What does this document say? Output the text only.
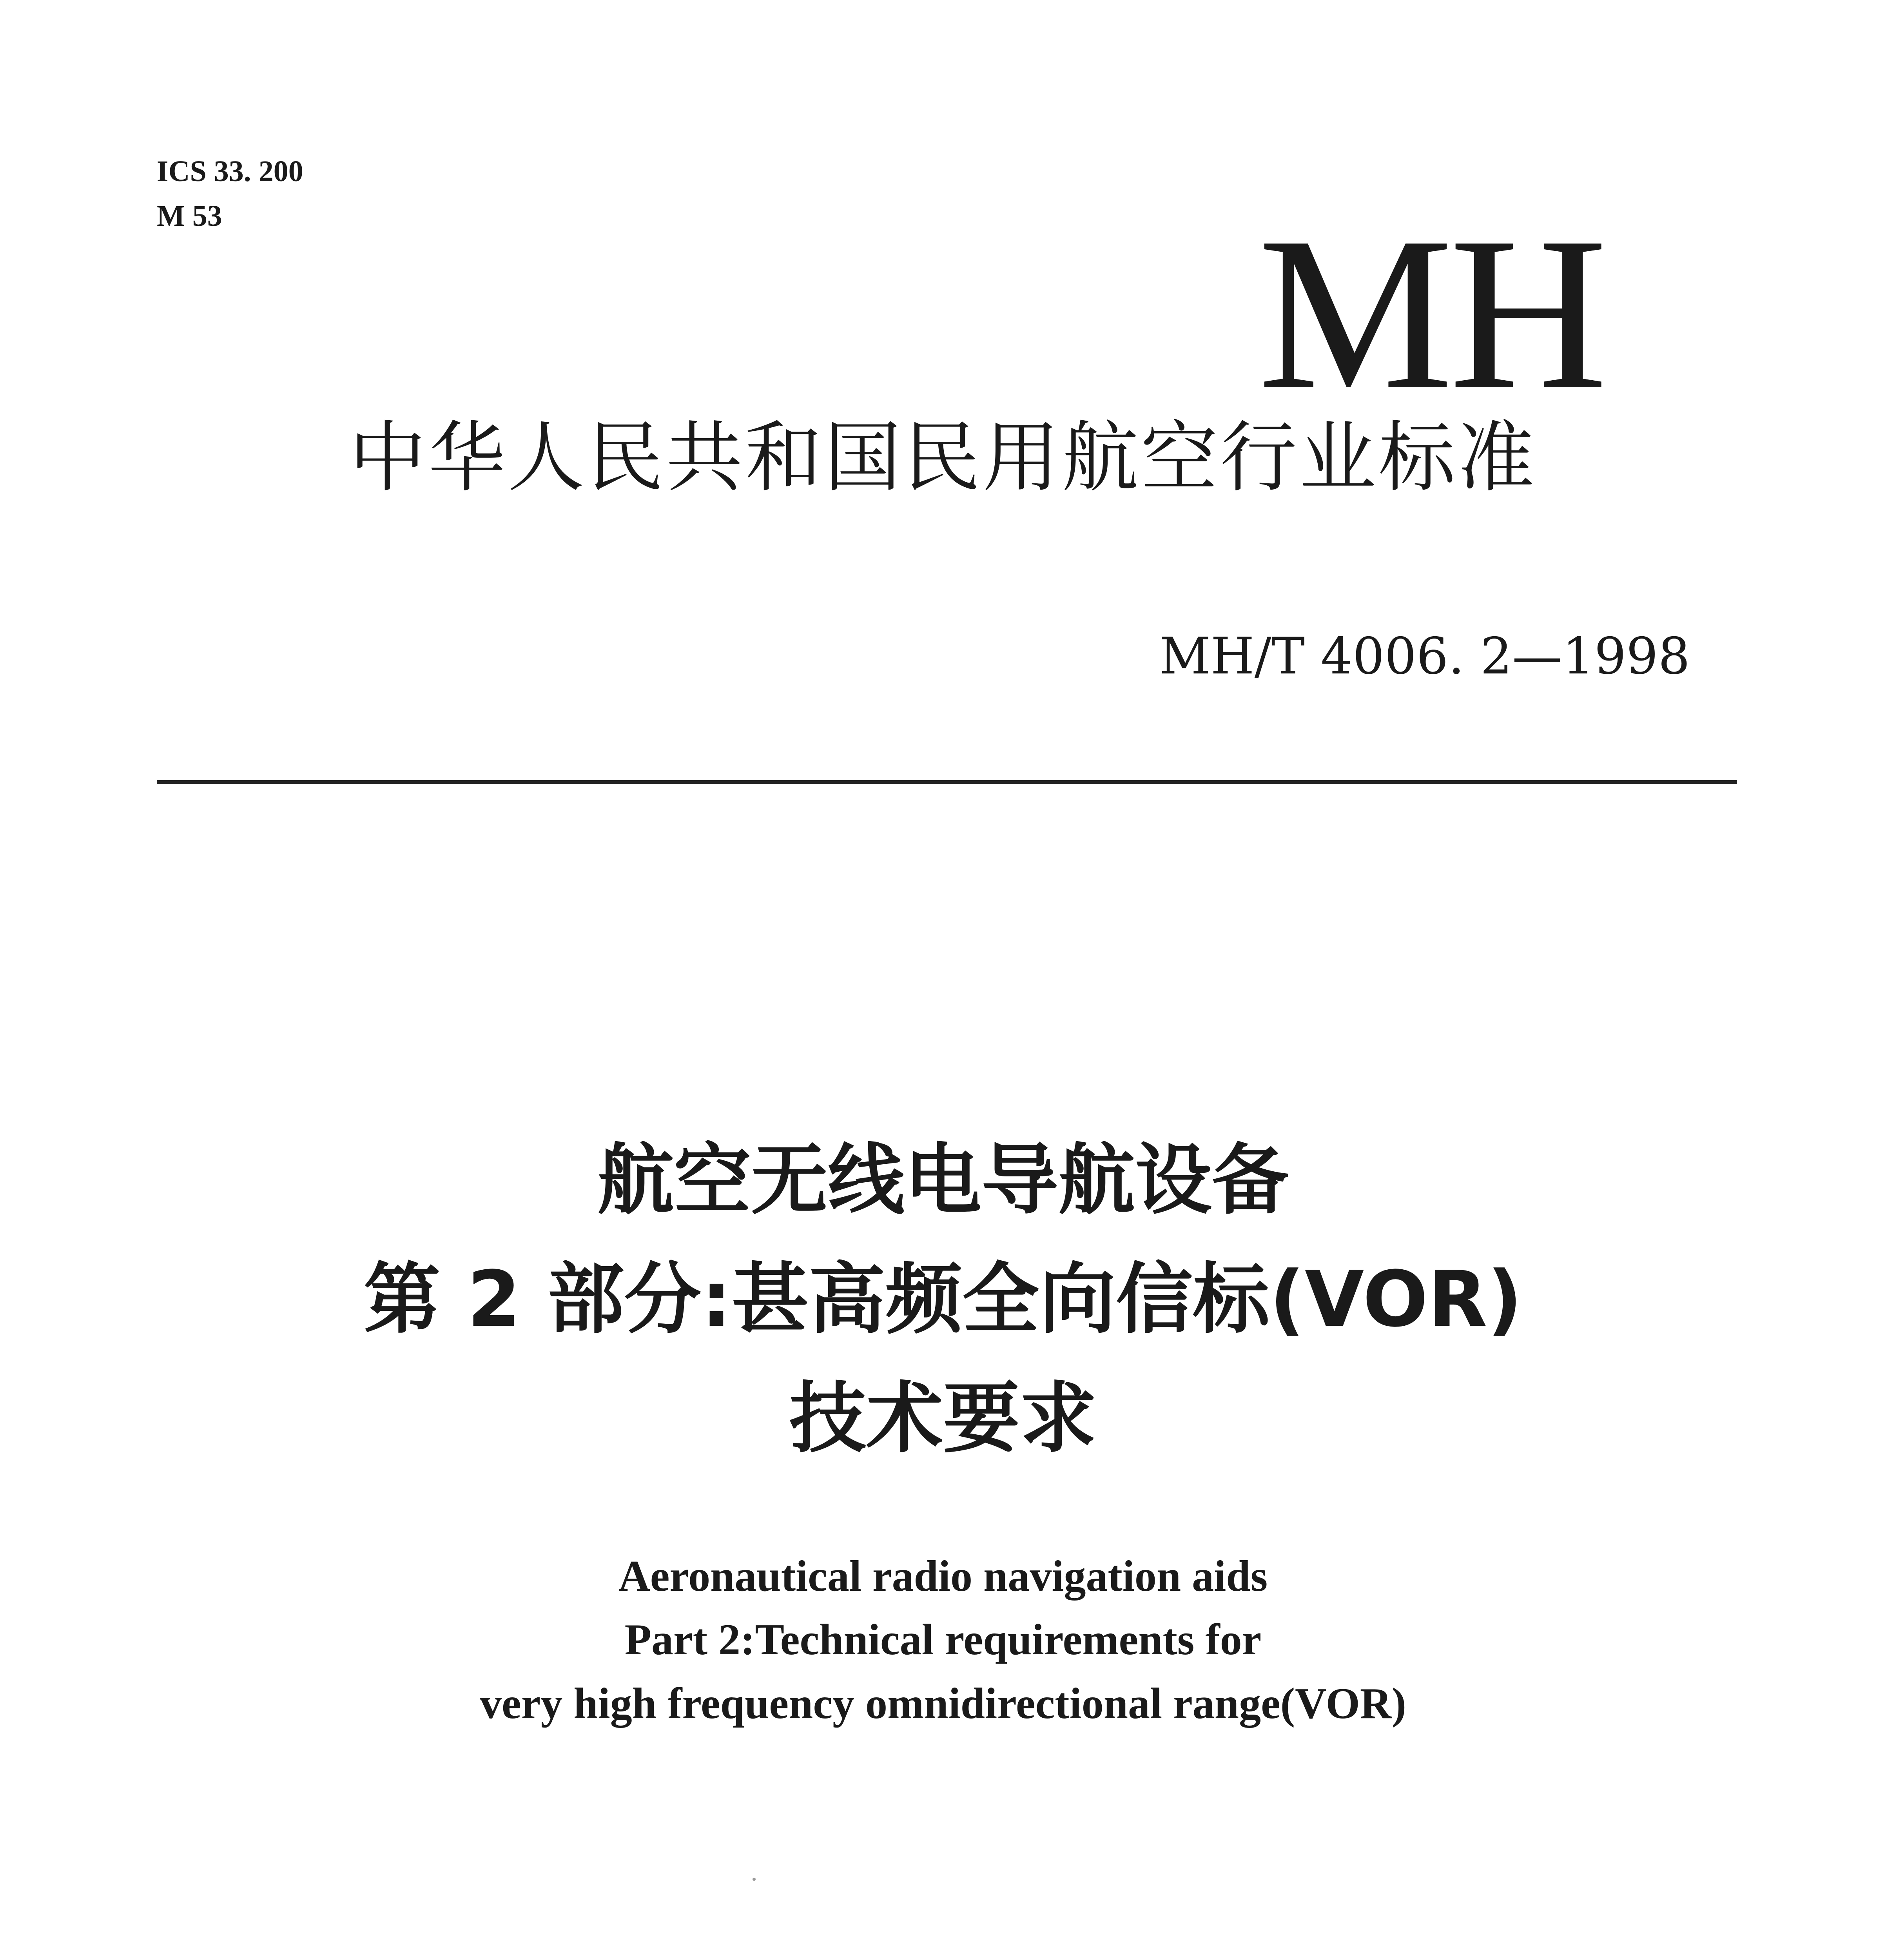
ICS 33. 200
M 53	MH
中华人民共和国民用航空行业标准
MH/T 4006. 2—1998
航空无线电导航设备
第 2 部分:甚高频全向信标(VOR)
技术要求
Aeronautical radio navigation aids
Part 2:Technical requirements for
very high frequency omnidirectional range(VOR)
